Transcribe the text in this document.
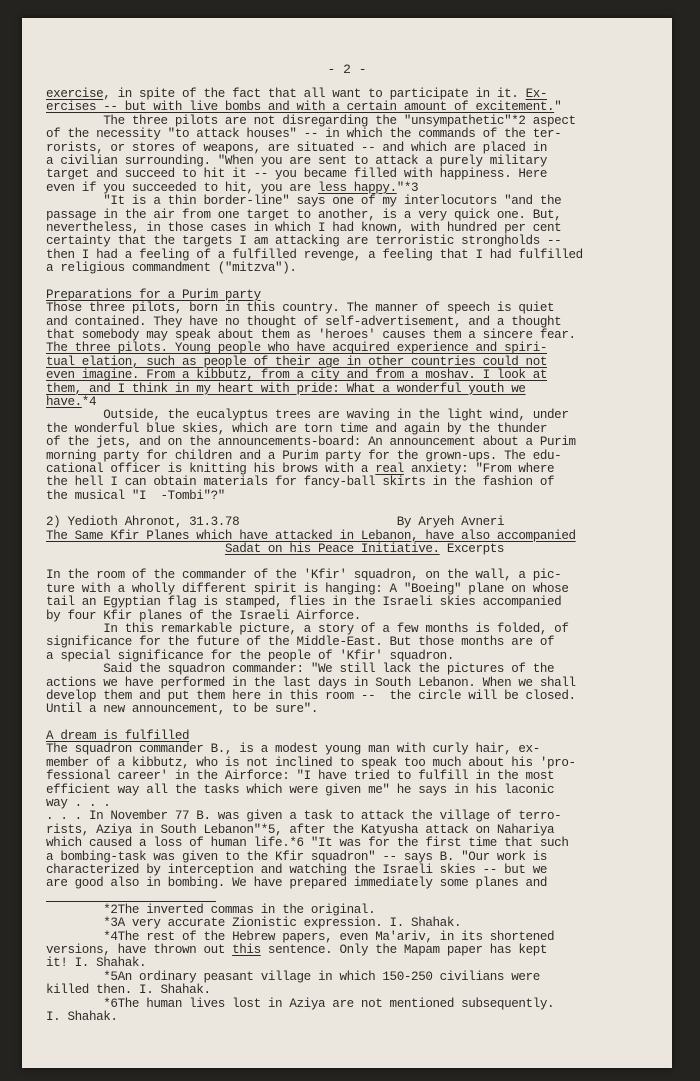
- 2 -

exercise, in spite of the fact that all want to participate in it. Ex-

ercises -- but with live bombs and with a certain amount of excitement."

The three pilots are not disregarding the "unsympathetic"*2 aspect

of the necessity "to attack houses" -- in which the commands of the ter-

rorists, or stores of weapons, are situated -- and which are placed in

a civilian surrounding. "When you are sent to attack a purely military

target and succeed to hit it -- you became filled with happiness. Here

even if you succeeded to hit, you are less happy."*3

"It is a thin border-line" says one of my interlocutors "and the

passage in the air from one target to another, is a very quick one. But,

nevertheless, in those cases in which I had known, with hundred per cent

certainty that the targets I am attacking are terroristic strongholds --

then I had a feeling of a fulfilled revenge, a feeling that I had fulfilled

a religious commandment ("mitzva").

Preparations for a Purim party

Those three pilots, born in this country. The manner of speech is quiet

and contained. They have no thought of self-advertisement, and a thought

that somebody may speak about them as 'heroes' causes them a sincere fear.

The three pilots. Young people who have acquired experience and spiri-

tual elation, such as people of their age in other countries could not

even imagine. From a kibbutz, from a city and from a moshav. I look at

them, and I think in my heart with pride: What a wonderful youth we

have.*4

Outside, the eucalyptus trees are waving in the light wind, under

the wonderful blue skies, which are torn time and again by the thunder

of the jets, and on the announcements-board: An announcement about a Purim

morning party for children and a Purim party for the grown-ups. The edu-

cational officer is knitting his brows with a real anxiety: "From where

the hell I can obtain materials for fancy-ball skirts in the fashion of

the musical "I  -Tombi"?"

2) Yedioth Ahronot, 31.3.78	By Aryeh Avneri

The Same Kfir Planes which have attacked in Lebanon, have also accompanied

Sadat on his Peace Initiative. Excerpts

In the room of the commander of the 'Kfir' squadron, on the wall, a pic-

ture with a wholly different spirit is hanging: A "Boeing" plane on whose

tail an Egyptian flag is stamped, flies in the Israeli skies accompanied

by four Kfir planes of the Israeli Airforce.

In this remarkable picture, a story of a few months is folded, of

significance for the future of the Middle-East. But those months are of

a special significance for the people of 'Kfir' squadron.

Said the squadron commander: "We still lack the pictures of the

actions we have performed in the last days in South Lebanon. When we shall

develop them and put them here in this room --  the circle will be closed.

Until a new announcement, to be sure".

A dream is fulfilled

The squadron commander B., is a modest young man with curly hair, ex-

member of a kibbutz, who is not inclined to speak too much about his 'pro-

fessional career' in the Airforce: "I have tried to fulfill in the most

efficient way all the tasks which were given me" he says in his laconic

way . . .

. . . In November 77 B. was given a task to attack the village of terro-

rists, Aziya in South Lebanon"*5, after the Katyusha attack on Nahariya

which caused a loss of human life.*6 "It was for the first time that such

a bombing-task was given to the Kfir squadron" -- says B. "Our work is

characterized by interception and watching the Israeli skies -- but we

are good also in bombing. We have prepared immediately some planes and

*2The inverted commas in the original.

*3A very accurate Zionistic expression. I. Shahak.

*4The rest of the Hebrew papers, even Ma'ariv, in its shortened

versions, have thrown out this sentence. Only the Mapam paper has kept

it! I. Shahak.

*5An ordinary peasant village in which 150-250 civilians were

killed then. I. Shahak.

*6The human lives lost in Aziya are not mentioned subsequently.

I. Shahak.
